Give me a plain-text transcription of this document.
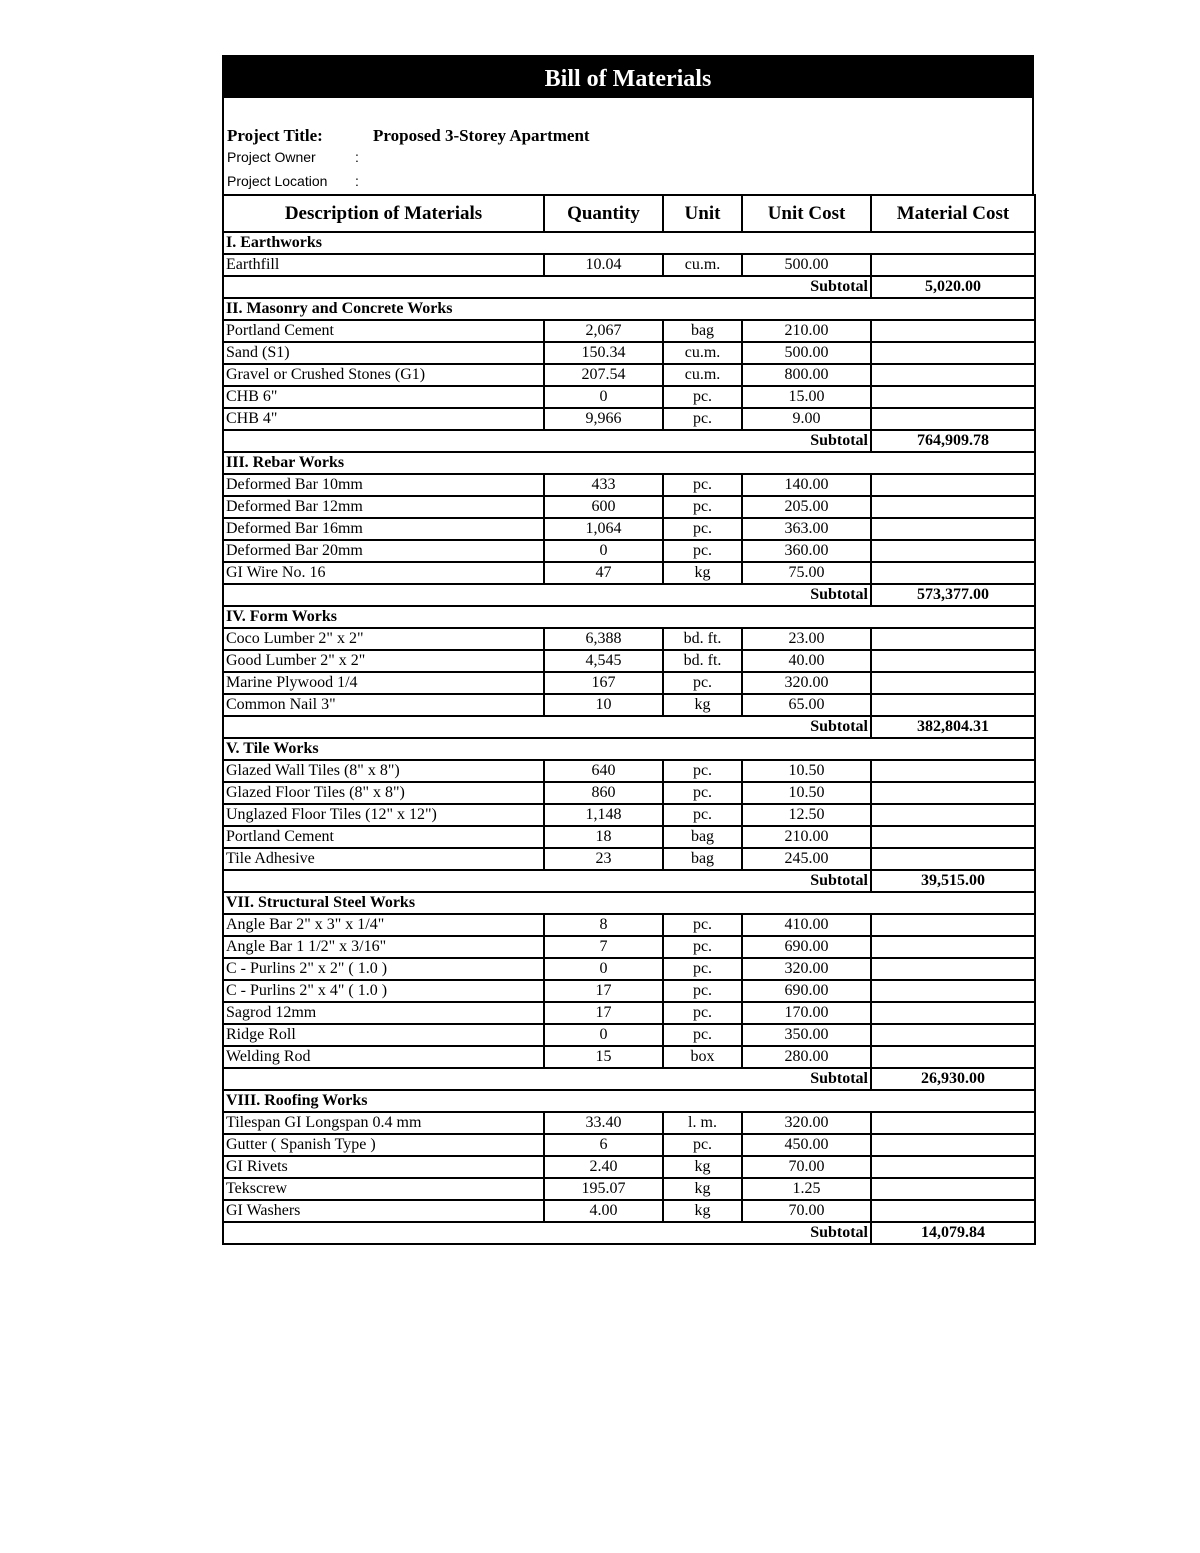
Bill of Materials
Project Title:	Proposed 3-Storey Apartment
Project Owner	:
Project Location :
Description of Materials	Quantity	Unit	Unit Cost	Material Cost
I. Earthworks				
Earthfill	10.04	cu.m.	500.00	
Subtotal				5,020.00
II. Masonry and Concrete Works				
Portland Cement	2,067	bag	210.00	
Sand (S1)	150.34	cu.m.	500.00	
Gravel or Crushed Stones (G1)	207.54	cu.m.	800.00	
CHB 6"	0	pc.	15.00	
CHB 4"	9,966	pc.	9.00	
Subtotal				764,909.78
III. Rebar Works				
Deformed Bar 10mm	433	pc.	140.00	
Deformed Bar 12mm	600	pc.	205.00	
Deformed Bar 16mm	1,064	pc.	363.00	
Deformed Bar 20mm	0	pc.	360.00	
GI Wire No. 16	47	kg	75.00	
Subtotal				573,377.00
IV. Form Works				
Coco Lumber 2" x 2"	6,388	bd. ft.	23.00	
Good Lumber 2" x 2"	4,545	bd. ft.	40.00	
Marine Plywood 1/4	167	pc.	320.00	
Common Nail 3"	10	kg	65.00	
Subtotal				382,804.31
V. Tile Works				
Glazed Wall Tiles (8" x 8")	640	pc.	10.50	
Glazed Floor Tiles (8" x 8")	860	pc.	10.50	
Unglazed Floor Tiles (12" x 12")	1,148	pc.	12.50	
Portland Cement	18	bag	210.00	
Tile Adhesive	23	bag	245.00	
Subtotal				39,515.00
VII. Structural Steel Works				
Angle Bar 2" x 3" x 1/4"	8	pc.	410.00	
Angle Bar 1 1/2" x 3/16"	7	pc.	690.00	
C - Purlins 2" x 2" ( 1.0 )	0	pc.	320.00	
C - Purlins 2" x 4" ( 1.0 )	17	pc.	690.00	
Sagrod 12mm	17	pc.	170.00	
Ridge Roll	0	pc.	350.00	
Welding Rod	15	box	280.00	
Subtotal				26,930.00
VIII. Roofing Works				
Tilespan GI Longspan 0.4 mm	33.40	l. m.	320.00	
Gutter ( Spanish Type )	6	pc.	450.00	
GI Rivets	2.40	kg	70.00	
Tekscrew	195.07	kg	1.25	
GI Washers	4.00	kg	70.00	
Subtotal				14,079.84
